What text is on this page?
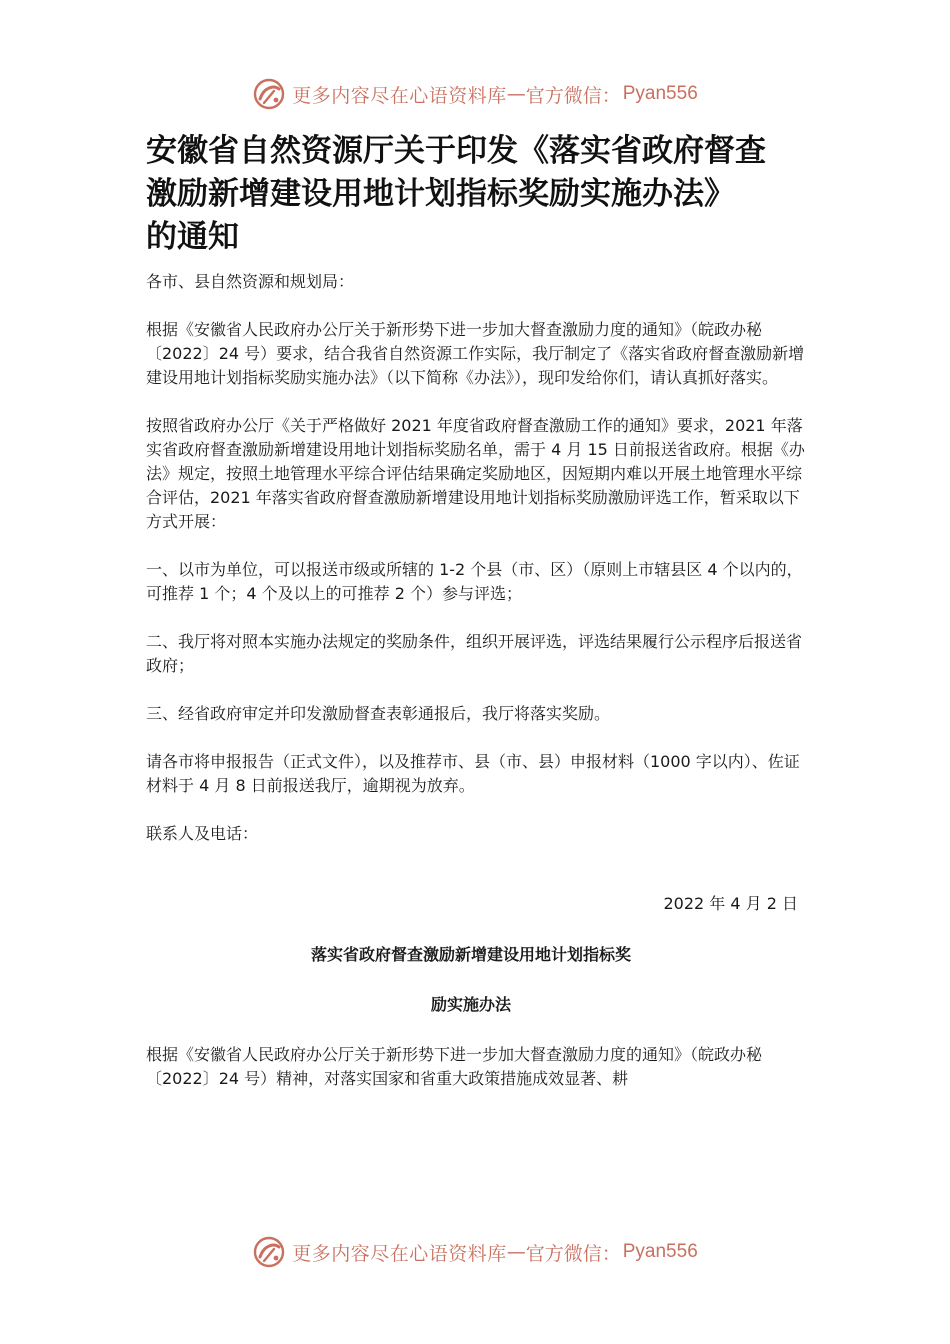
更多内容尽在心语资料库 — 官方微信： Pyan556
安徽省自然资源厅关于印发《落实省政府督查
激励新增建设用地计划指标奖励实施办法》
的通知

各市、县自然资源和规划局：

根据《安徽省人民政府办公厅关于新形势下进一步加大督查激励力度的通知》（皖政办秘〔2022〕24 号）要求，结合我省自然资源工作实际，我厅制定了《落实省政府督查激励新增建设用地计划指标奖励实施办法》（以下简称《办法》），现印发给你们，请认真抓好落实。

按照省政府办公厅《关于严格做好 2021 年度省政府督查激励工作的通知》要求，2021 年落实省政府督查激励新增建设用地计划指标奖励名单，需于 4 月 15 日前报送省政府。根据《办法》规定，按照土地管理水平综合评估结果确定奖励地区，因短期内难以开展土地管理水平综合评估，2021 年落实省政府督查激励新增建设用地计划指标奖励激励评选工作，暂采取以下方式开展：

一、以市为单位，可以报送市级或所辖的 1-2 个县（市、区）（原则上市辖县区 4 个以内的，可推荐 1 个；4 个及以上的可推荐 2 个）参与评选；

二、我厅将对照本实施办法规定的奖励条件，组织开展评选，评选结果履行公示程序后报送省政府；

三、经省政府审定并印发激励督查表彰通报后，我厅将落实奖励。

请各市将申报报告（正式文件），以及推荐市、县（市、县）申报材料（1000 字以内）、佐证材料于 4 月 8 日前报送我厅，逾期视为放弃。

联系人及电话：

2022 年 4 月 2 日
落实省政府督查激励新增建设用地计划指标奖
励实施办法

根据《安徽省人民政府办公厅关于新形势下进一步加大督查激励力度的通知》（皖政办秘〔2022〕24 号）精神，对落实国家和省重大政策措施成效显著、耕

更多内容尽在心语资料库 — 官方微信： Pyan556
